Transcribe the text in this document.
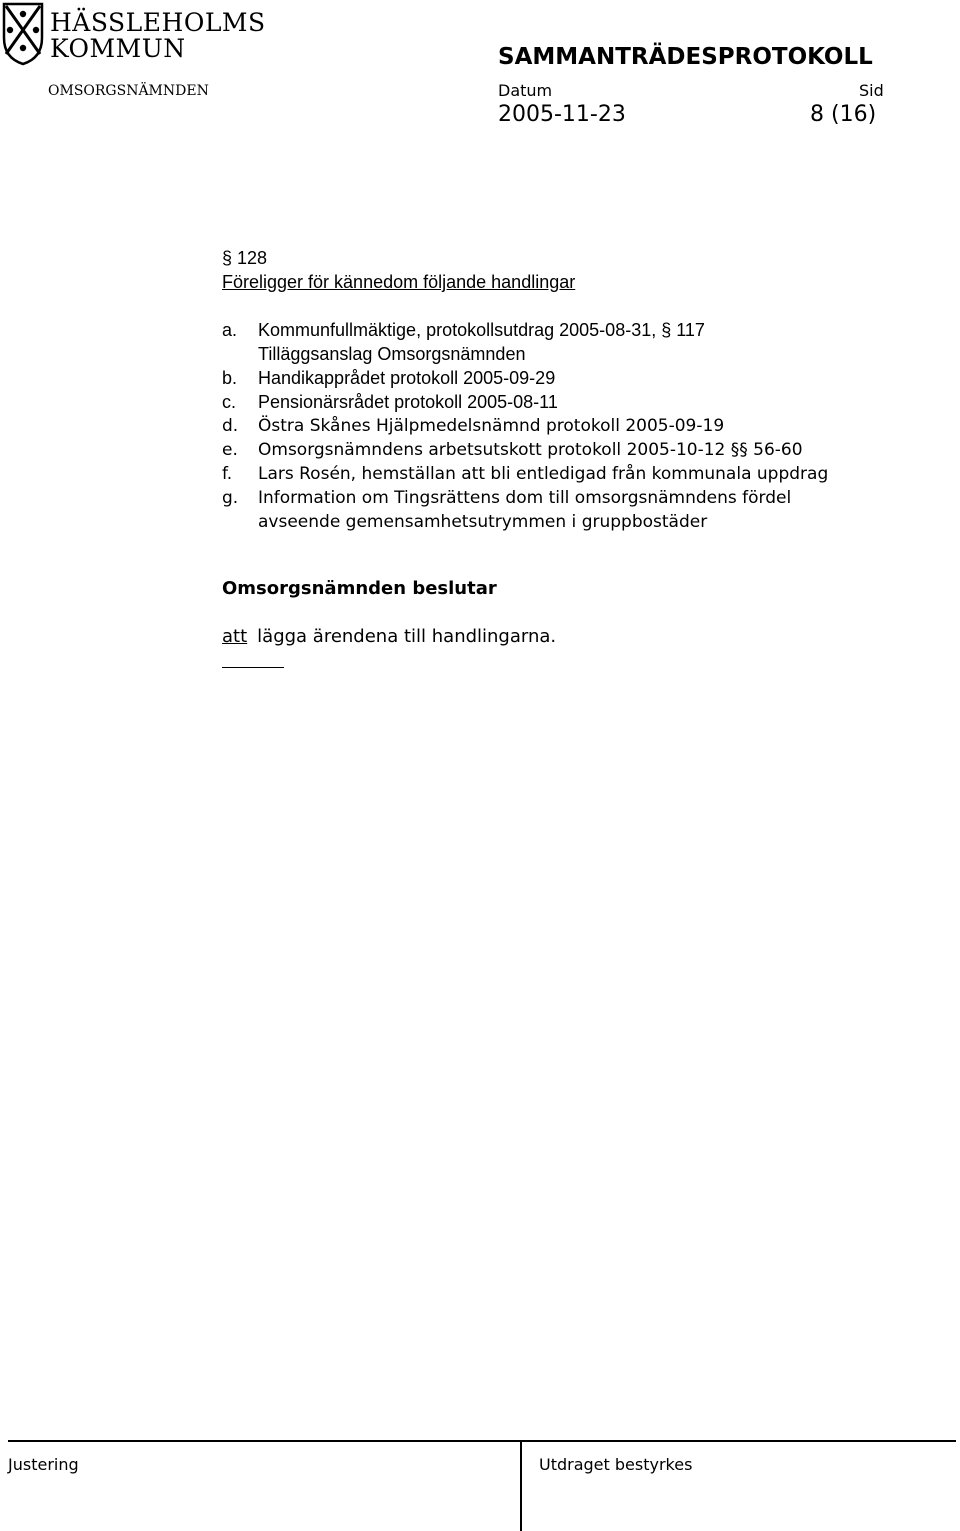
HÄSSLEHOLMS
KOMMUN	SAMMANTRÄDESPROTOKOLL
OMSORGSNÄMNDEN	Datum	Sid
2005-11-23	8 (16)
§ 128
Föreligger för kännedom följande handlingar
a.	Kommunfullmäktige, protokollsutdrag 2005-08-31, § 117
Tilläggsanslag Omsorgsnämnden
b.	Handikapprådet protokoll 2005-09-29
c.	Pensionärsrådet protokoll 2005-08-11
d.	Östra Skånes Hjälpmedelsnämnd protokoll 2005-09-19
e.	Omsorgsnämndens arbetsutskott protokoll 2005-10-12 §§ 56-60
f.	Lars Rosén, hemställan att bli entledigad från kommunala uppdrag
g.	Information om Tingsrättens dom till omsorgsnämndens fördel
avseende gemensamhetsutrymmen i gruppbostäder
Omsorgsnämnden beslutar
att lägga ärendena till handlingarna.
Justering	Utdraget bestyrkes
